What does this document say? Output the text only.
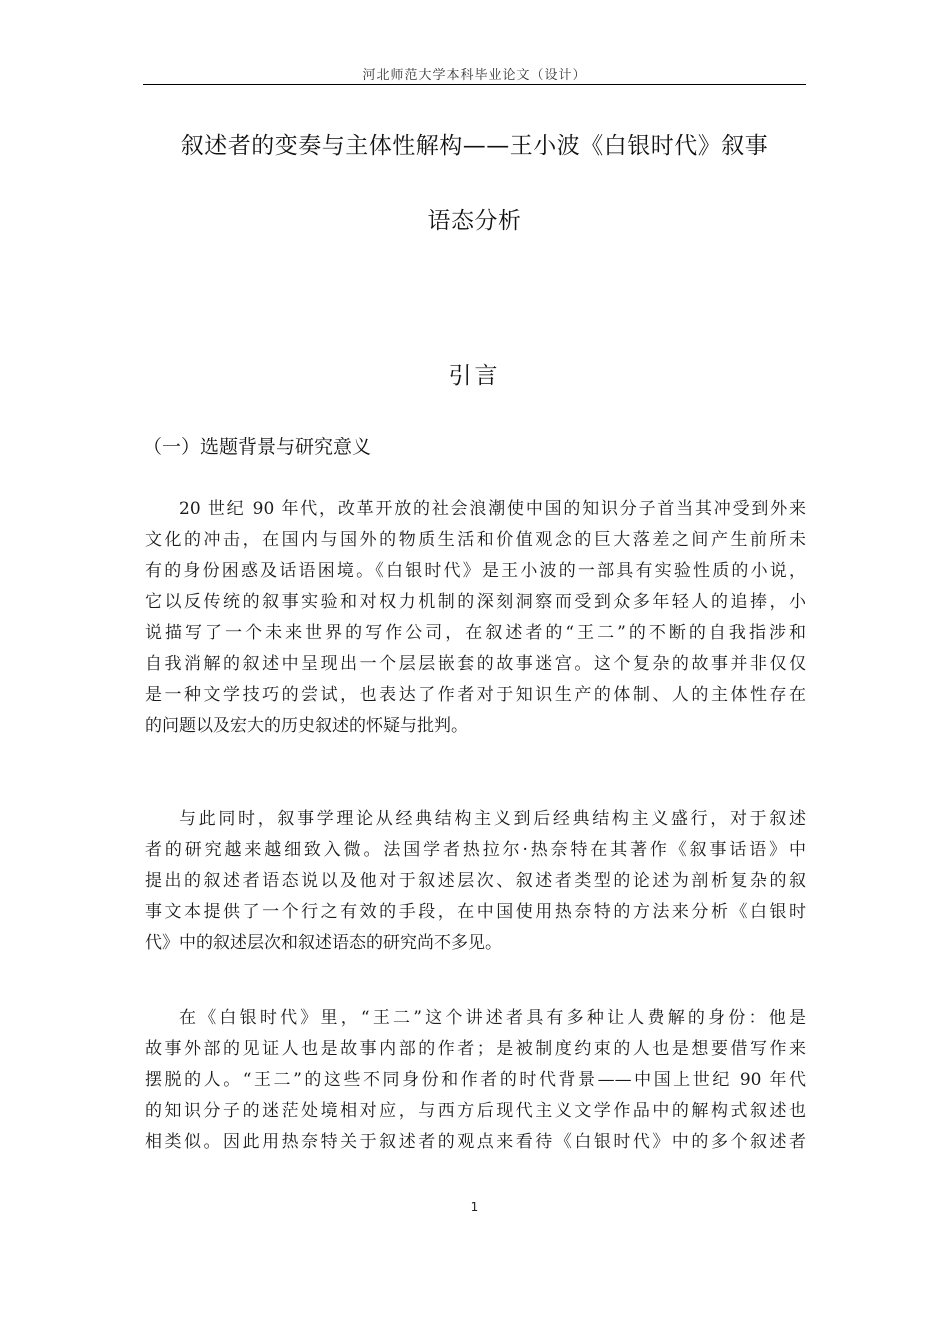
河北师范大学本科毕业论文（设计）
叙述者的变奏与主体性解构——王小波《白银时代》叙事
语态分析
引言
（一）选题背景与研究意义
20 世纪 90 年代，改革开放的社会浪潮使中国的知识分子首当其冲受到外来
文化的冲击，在国内与国外的物质生活和价值观念的巨大落差之间产生前所未
有的身份困惑及话语困境。《白银时代》是王小波的一部具有实验性质的小说，
它以反传统的叙事实验和对权力机制的深刻洞察而受到众多年轻人的追捧，小
说描写了一个未来世界的写作公司，在叙述者的“王二”的不断的自我指涉和
自我消解的叙述中呈现出一个层层嵌套的故事迷宫。这个复杂的故事并非仅仅
是一种文学技巧的尝试，也表达了作者对于知识生产的体制、人的主体性存在
的问题以及宏大的历史叙述的怀疑与批判。
与此同时，叙事学理论从经典结构主义到后经典结构主义盛行，对于叙述
者的研究越来越细致入微。法国学者热拉尔·热奈特在其著作《叙事话语》中
提出的叙述者语态说以及他对于叙述层次、叙述者类型的论述为剖析复杂的叙
事文本提供了一个行之有效的手段，在中国使用热奈特的方法来分析《白银时
代》中的叙述层次和叙述语态的研究尚不多见。
在《白银时代》里，“王二”这个讲述者具有多种让人费解的身份：他是
故事外部的见证人也是故事内部的作者；是被制度约束的人也是想要借写作来
摆脱的人。“王二”的这些不同身份和作者的时代背景——中国上世纪 90 年代
的知识分子的迷茫处境相对应，与西方后现代主义文学作品中的解构式叙述也
相类似。因此用热奈特关于叙述者的观点来看待《白银时代》中的多个叙述者
1
